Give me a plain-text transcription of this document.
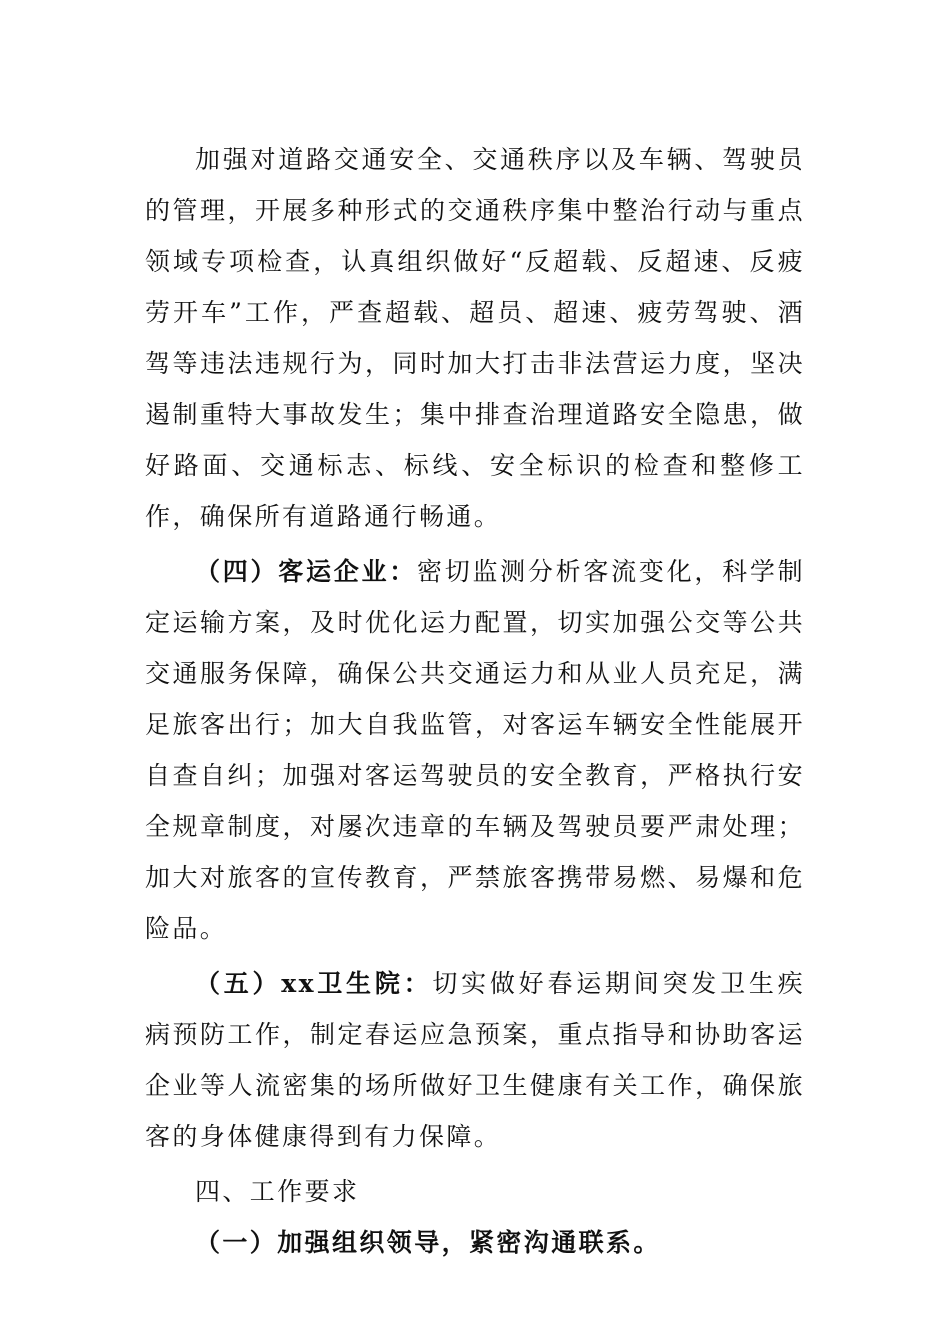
加强对道路交通安全、交通秩序以及车辆、驾驶员的管理，开展多种形式的交通秩序集中整治行动与重点领域专项检查，认真组织做好“反超载、反超速、反疲劳开车”工作，严查超载、超员、超速、疲劳驾驶、酒驾等违法违规行为，同时加大打击非法营运力度，坚决遏制重特大事故发生；集中排查治理道路安全隐患，做好路面、交通标志、标线、安全标识的检查和整修工作，确保所有道路通行畅通。

（四）客运企业：密切监测分析客流变化，科学制定运输方案，及时优化运力配置，切实加强公交等公共交通服务保障，确保公共交通运力和从业人员充足，满足旅客出行；加大自我监管，对客运车辆安全性能展开自查自纠；加强对客运驾驶员的安全教育，严格执行安全规章制度，对屡次违章的车辆及驾驶员要严肃处理；加大对旅客的宣传教育，严禁旅客携带易燃、易爆和危险品。

（五）xx卫生院：切实做好春运期间突发卫生疾病预防工作，制定春运应急预案，重点指导和协助客运企业等人流密集的场所做好卫生健康有关工作，确保旅客的身体健康得到有力保障。

四、工作要求

（一）加强组织领导，紧密沟通联系。
